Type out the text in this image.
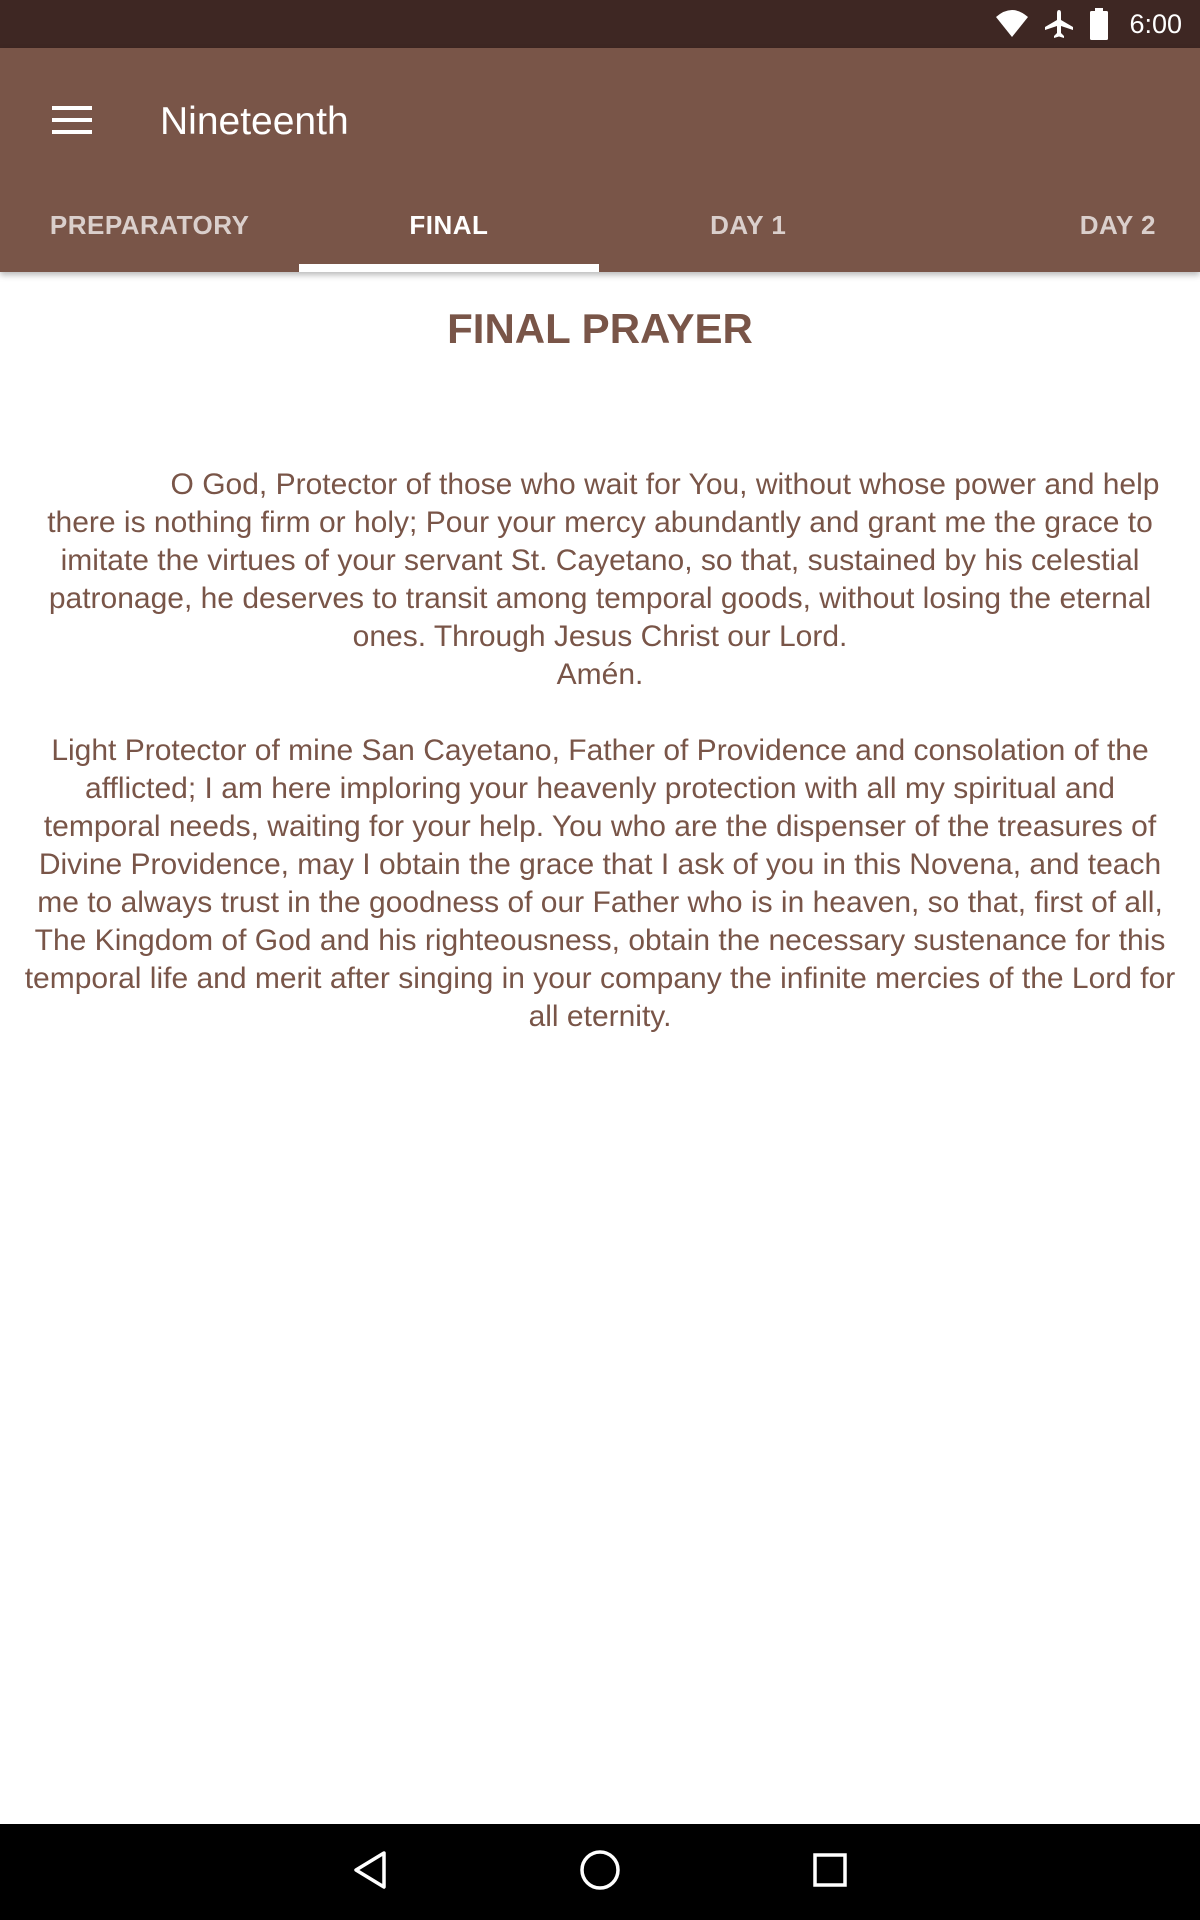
6:00
Nineteenth
PREPARATORY	FINAL	DAY 1	DAY 2
FINAL PRAYER

O God, Protector of those who wait for You, without whose power and help there is nothing firm or holy; Pour your mercy abundantly and grant me the grace to imitate the virtues of your servant St. Cayetano, so that, sustained by his celestial patronage, he deserves to transit among temporal goods, without losing the eternal ones. Through Jesus Christ our Lord.

Amén.

Light Protector of mine San Cayetano, Father of Providence and consolation of the afflicted; I am here imploring your heavenly protection with all my spiritual and temporal needs, waiting for your help. You who are the dispenser of the treasures of Divine Providence, may I obtain the grace that I ask of you in this Novena, and teach me to always trust in the goodness of our Father who is in heaven, so that, first of all, The Kingdom of God and his righteousness, obtain the necessary sustenance for this temporal life and merit after singing in your company the infinite mercies of the Lord for all eternity.
